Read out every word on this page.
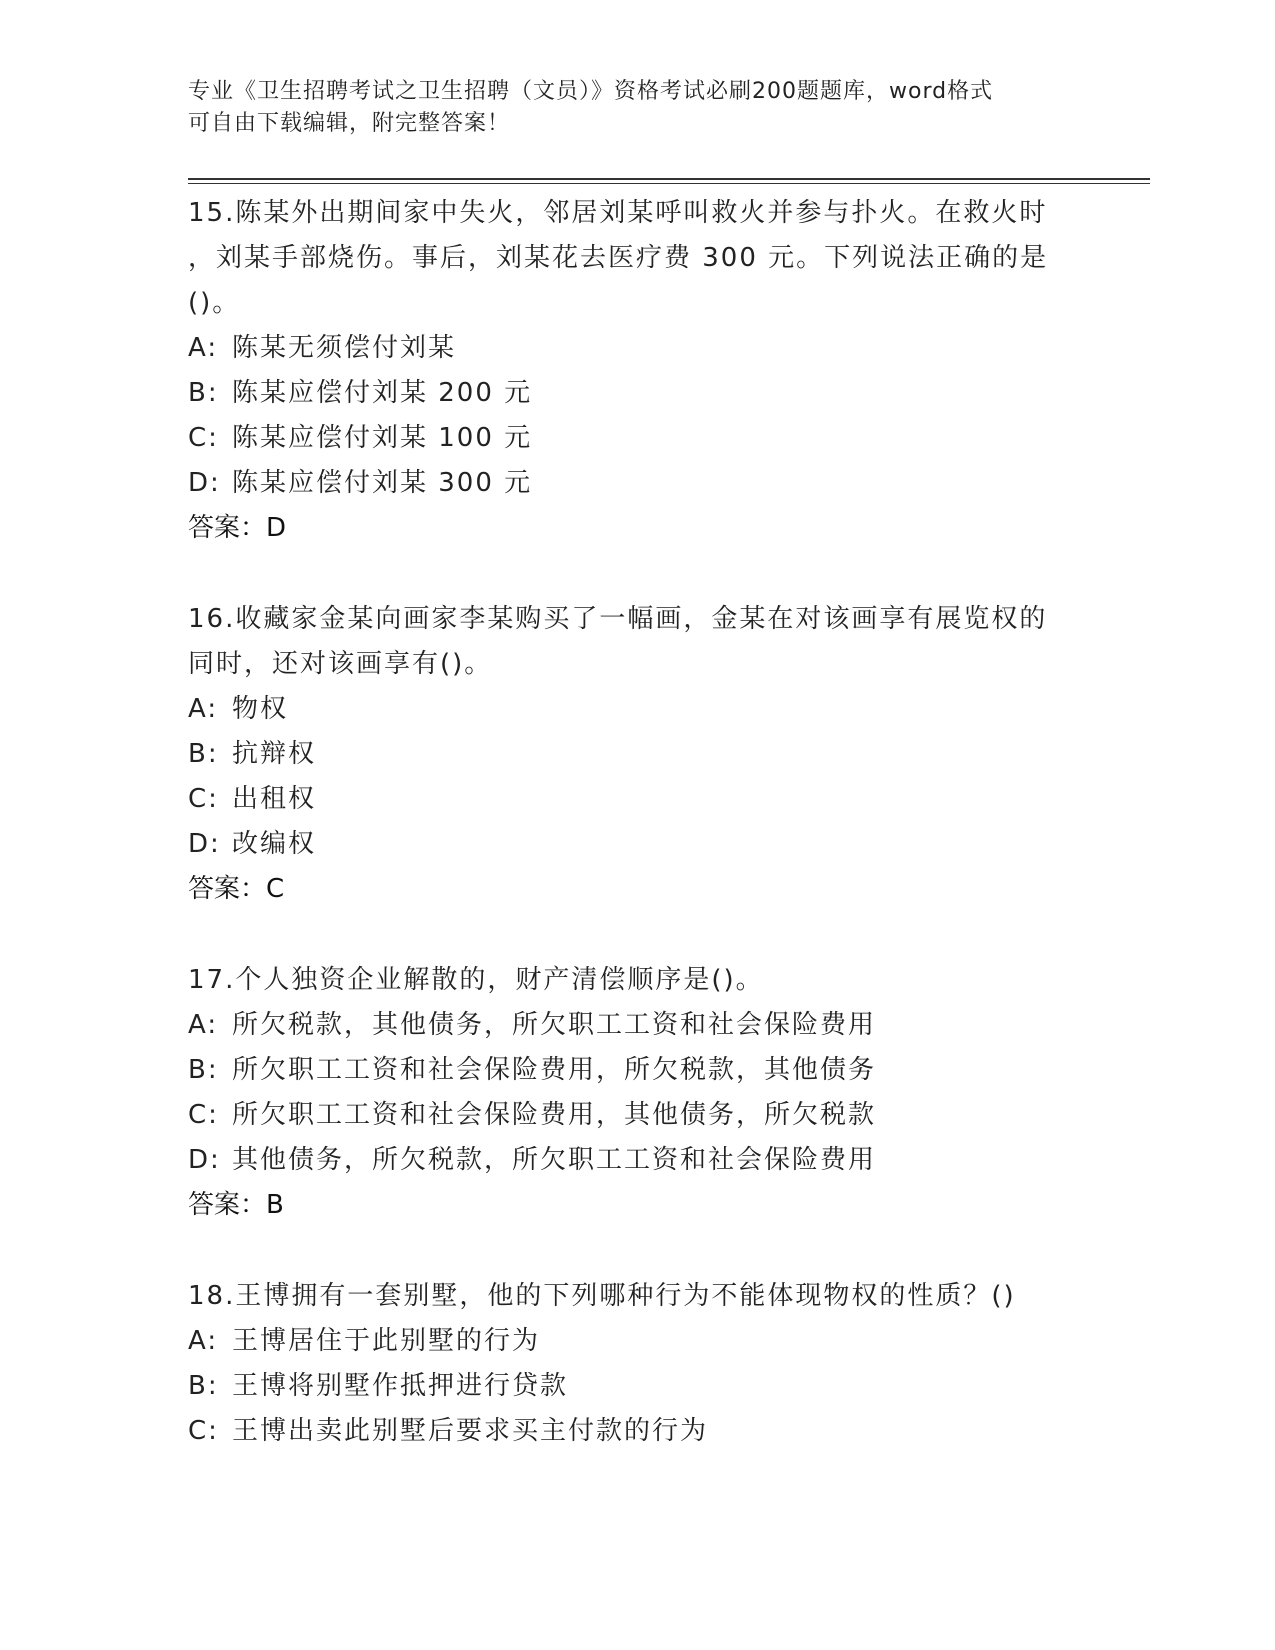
专业《卫生招聘考试之卫生招聘（文员）》资格考试必刷200题题库，word格式
可自由下载编辑，附完整答案！
15.陈某外出期间家中失火，邻居刘某呼叫救火并参与扑火。在救火时
，刘某手部烧伤。事后，刘某花去医疗费 300 元。下列说法正确的是
()。
A: 陈某无须偿付刘某
B: 陈某应偿付刘某 200 元
C: 陈某应偿付刘某 100 元
D: 陈某应偿付刘某 300 元
答案：D
16.收藏家金某向画家李某购买了一幅画，金某在对该画享有展览权的
同时，还对该画享有()。
A: 物权
B: 抗辩权
C: 出租权
D: 改编权
答案：C
17.个人独资企业解散的，财产清偿顺序是()。
A: 所欠税款，其他债务，所欠职工工资和社会保险费用
B: 所欠职工工资和社会保险费用，所欠税款，其他债务
C: 所欠职工工资和社会保险费用，其他债务，所欠税款
D: 其他债务，所欠税款，所欠职工工资和社会保险费用
答案：B
18.王博拥有一套别墅，他的下列哪种行为不能体现物权的性质？()
A: 王博居住于此别墅的行为
B: 王博将别墅作抵押进行贷款
C: 王博出卖此别墅后要求买主付款的行为
